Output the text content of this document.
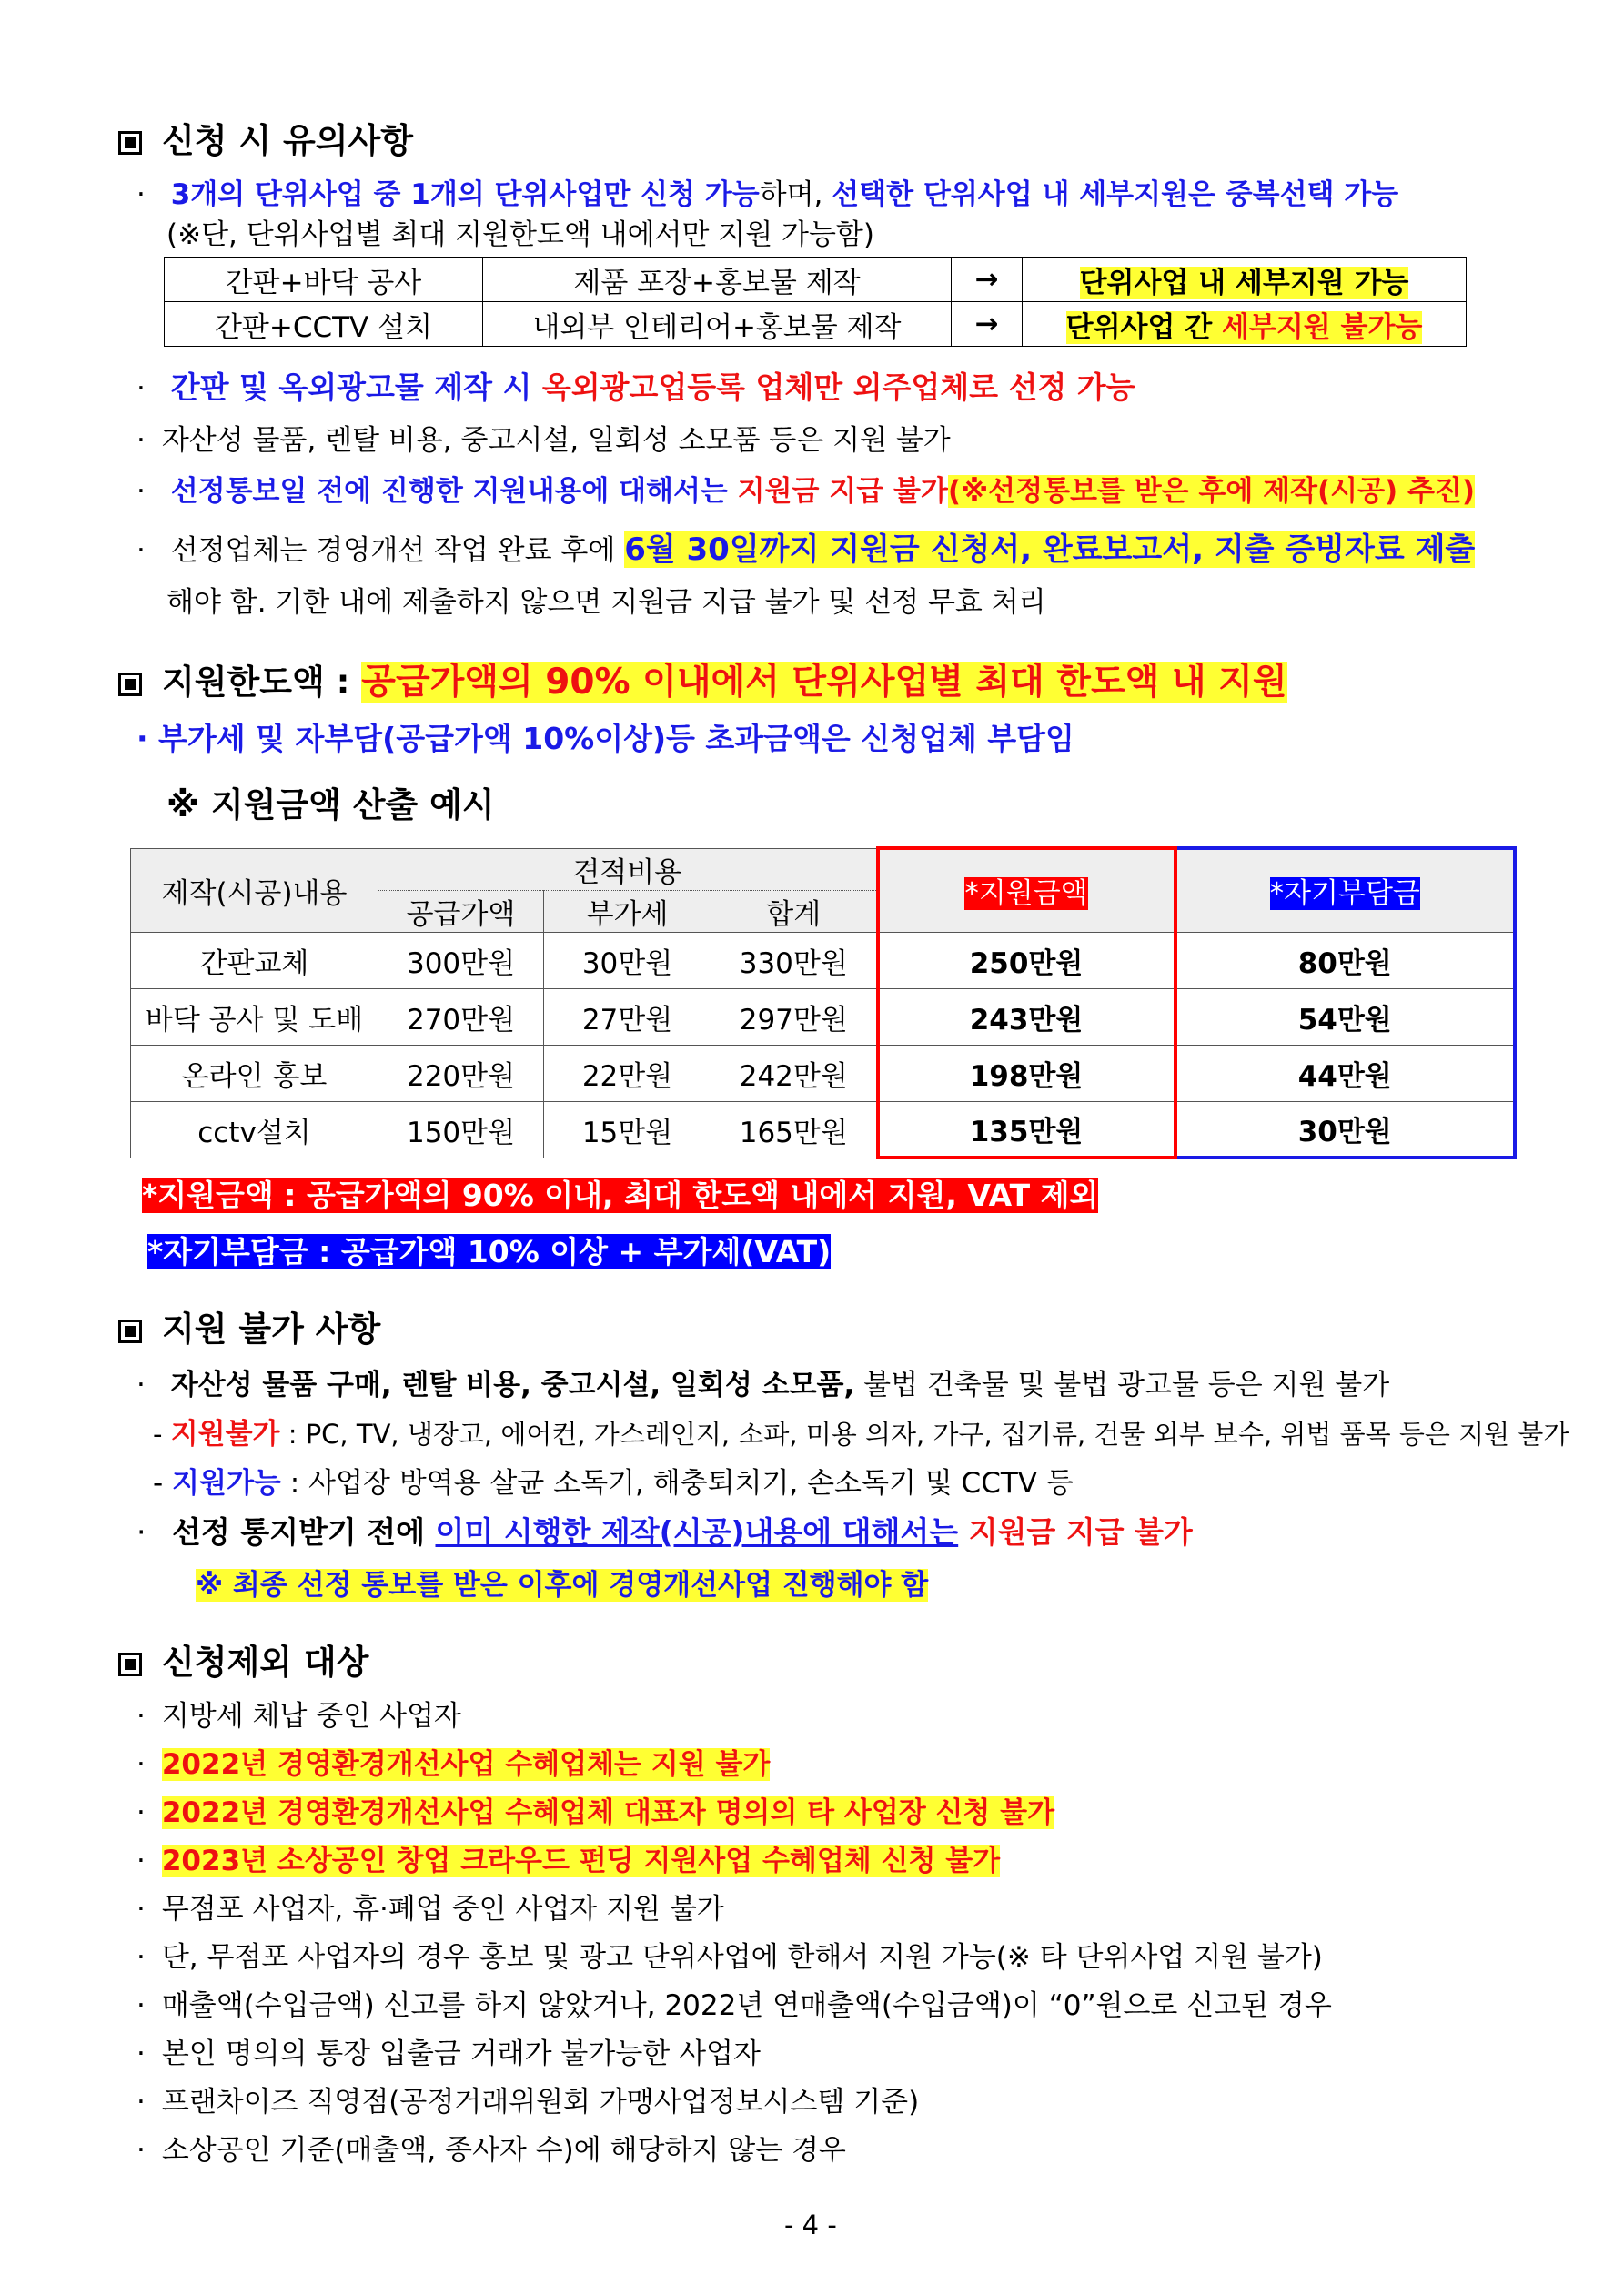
신청 시 유의사항
· 3개의 단위사업 중 1개의 단위사업만 신청 가능하며, 선택한 단위사업 내 세부지원은 중복선택 가능
(※단, 단위사업별 최대 지원한도액 내에서만 지원 가능함)
간판+바닥 공사	제품 포장+홍보물 제작	→	단위사업 내 세부지원 가능
간판+CCTV 설치	내외부 인테리어+홍보물 제작	→	단위사업 간 세부지원 불가능
· 간판 및 옥외광고물 제작 시 옥외광고업등록 업체만 외주업체로 선정 가능
· 자산성 물품, 렌탈 비용, 중고시설, 일회성 소모품 등은 지원 불가
· 선정통보일 전에 진행한 지원내용에 대해서는 지원금 지급 불가(※선정통보를 받은 후에 제작(시공) 추진)
· 선정업체는 경영개선 작업 완료 후에 6월 30일까지 지원금 신청서, 완료보고서, 지출 증빙자료 제출
해야 함. 기한 내에 제출하지 않으면 지원금 지급 불가 및 선정 무효 처리
지원한도액 : 공급가액의 90% 이내에서 단위사업별 최대 한도액 내 지원
· 부가세 및 자부담(공급가액 10%이상)등 초과금액은 신청업체 부담임
※ 지원금액 산출 예시
제작(시공)내용	견적비용			*지원금액	*자기부담금
	공급가액	부가세	합계		
간판교체	300만원	30만원	330만원	250만원	80만원
바닥 공사 및 도배	270만원	27만원	297만원	243만원	54만원
온라인 홍보	220만원	22만원	242만원	198만원	44만원
cctv설치	150만원	15만원	165만원	135만원	30만원
*지원금액 : 공급가액의 90% 이내, 최대 한도액 내에서 지원, VAT 제외
*자기부담금 : 공급가액 10% 이상 + 부가세(VAT)
지원 불가 사항
· 자산성 물품 구매, 렌탈 비용, 중고시설, 일회성 소모품, 불법 건축물 및 불법 광고물 등은 지원 불가
- 지원불가 : PC, TV, 냉장고, 에어컨, 가스레인지, 소파, 미용 의자, 가구, 집기류, 건물 외부 보수, 위법 품목 등은 지원 불가
- 지원가능 : 사업장 방역용 살균 소독기, 해충퇴치기, 손소독기 및 CCTV 등
· 선정 통지받기 전에 이미 시행한 제작(시공)내용에 대해서는 지원금 지급 불가
※ 최종 선정 통보를 받은 이후에 경영개선사업 진행해야 함
신청제외 대상
· 지방세 체납 중인 사업자
· 2022년 경영환경개선사업 수혜업체는 지원 불가
· 2022년 경영환경개선사업 수혜업체 대표자 명의의 타 사업장 신청 불가
· 2023년 소상공인 창업 크라우드 펀딩 지원사업 수혜업체 신청 불가
· 무점포 사업자, 휴·폐업 중인 사업자 지원 불가
· 단, 무점포 사업자의 경우 홍보 및 광고 단위사업에 한해서 지원 가능(※ 타 단위사업 지원 불가)
· 매출액(수입금액) 신고를 하지 않았거나, 2022년 연매출액(수입금액)이 “0”원으로 신고된 경우
· 본인 명의의 통장 입출금 거래가 불가능한 사업자
· 프랜차이즈 직영점(공정거래위원회 가맹사업정보시스템 기준)
· 소상공인 기준(매출액, 종사자 수)에 해당하지 않는 경우
- 4 -
